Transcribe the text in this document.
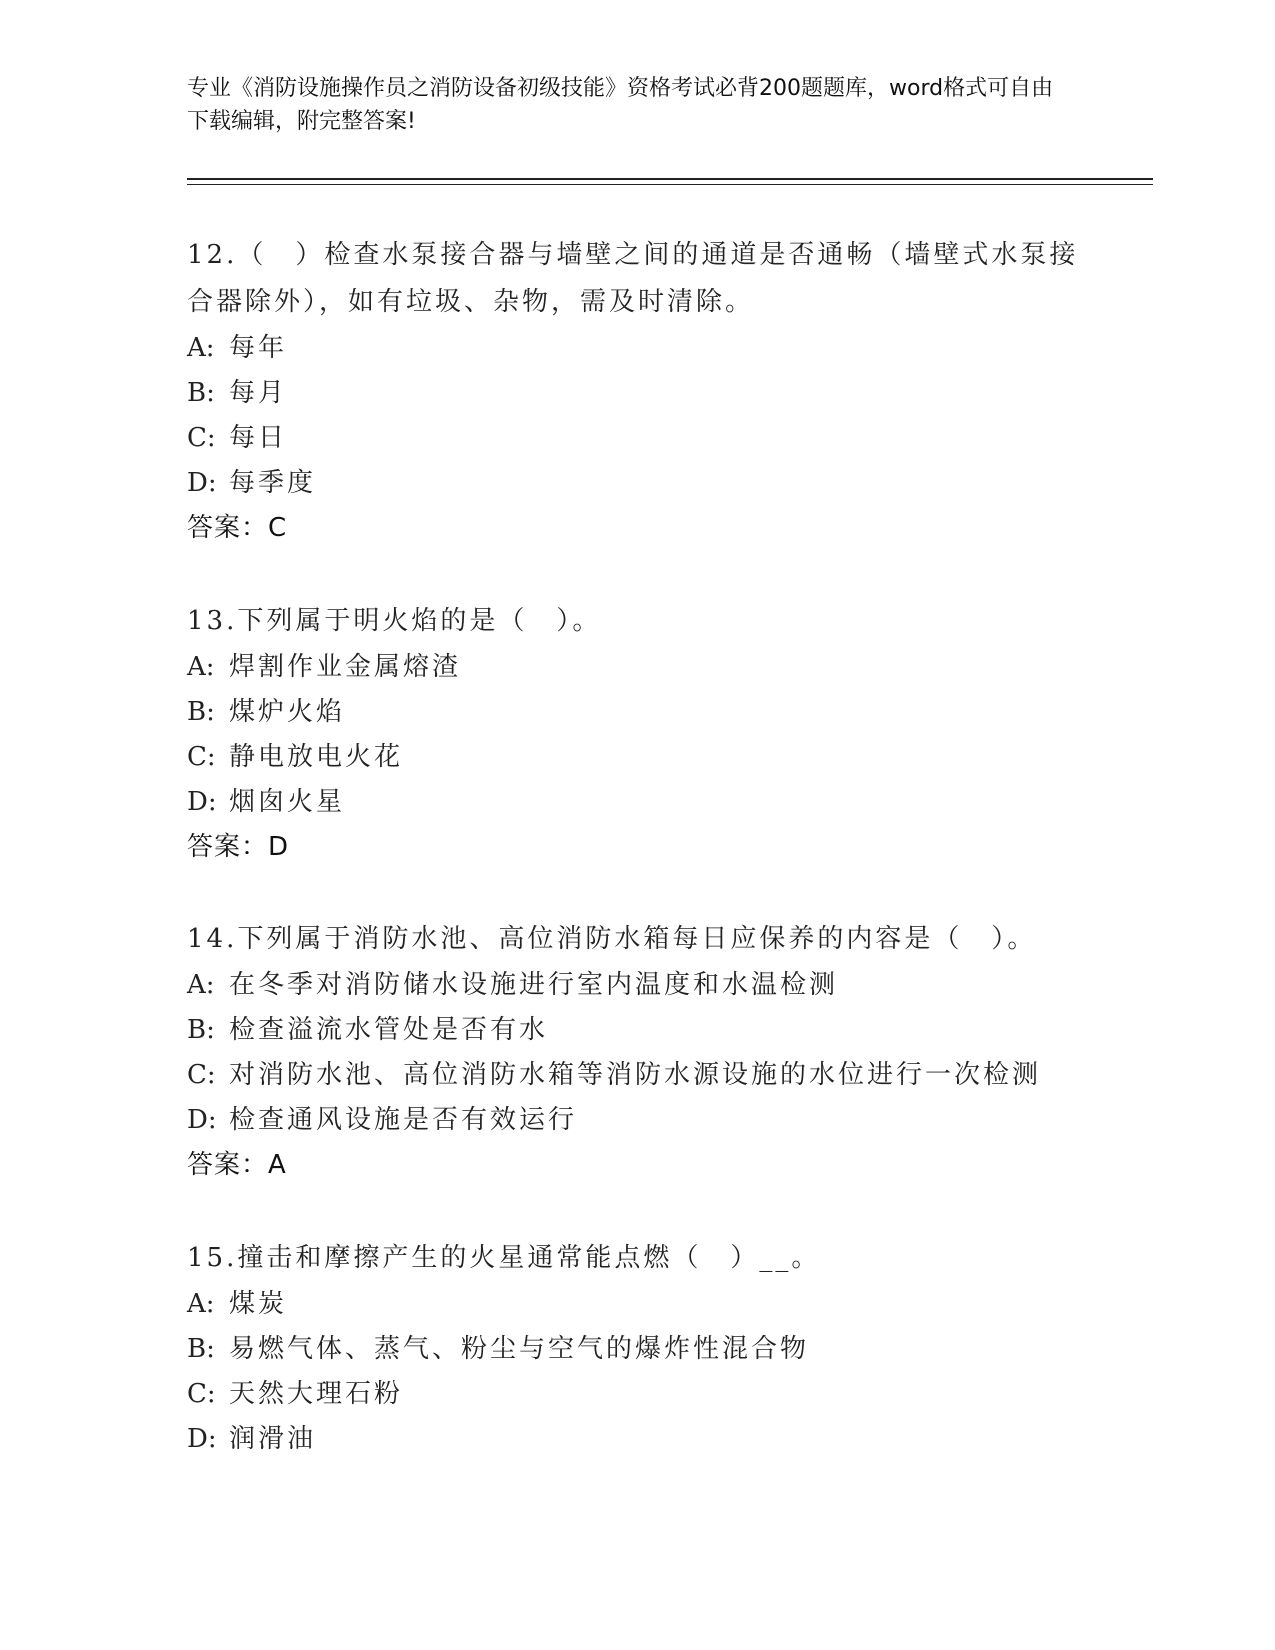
专业《消防设施操作员之消防设备初级技能》资格考试必背200题题库，word格式可自由下载编辑，附完整答案!

12.（　）检查水泵接合器与墙壁之间的通道是否通畅（墙壁式水泵接合器除外），如有垃圾、杂物，需及时清除。

A: 每年
B: 每月
C: 每日
D: 每季度
答案：C

13.下列属于明火焰的是（　）。

A: 焊割作业金属熔渣
B: 煤炉火焰
C: 静电放电火花
D: 烟囱火星
答案：D

14.下列属于消防水池、高位消防水箱每日应保养的内容是（　）。

A: 在冬季对消防储水设施进行室内温度和水温检测
B: 检查溢流水管处是否有水
C: 对消防水池、高位消防水箱等消防水源设施的水位进行一次检测
D: 检查通风设施是否有效运行
答案：A

15.撞击和摩擦产生的火星通常能点燃（　）__。

A: 煤炭
B: 易燃气体、蒸气、粉尘与空气的爆炸性混合物
C: 天然大理石粉
D: 润滑油
